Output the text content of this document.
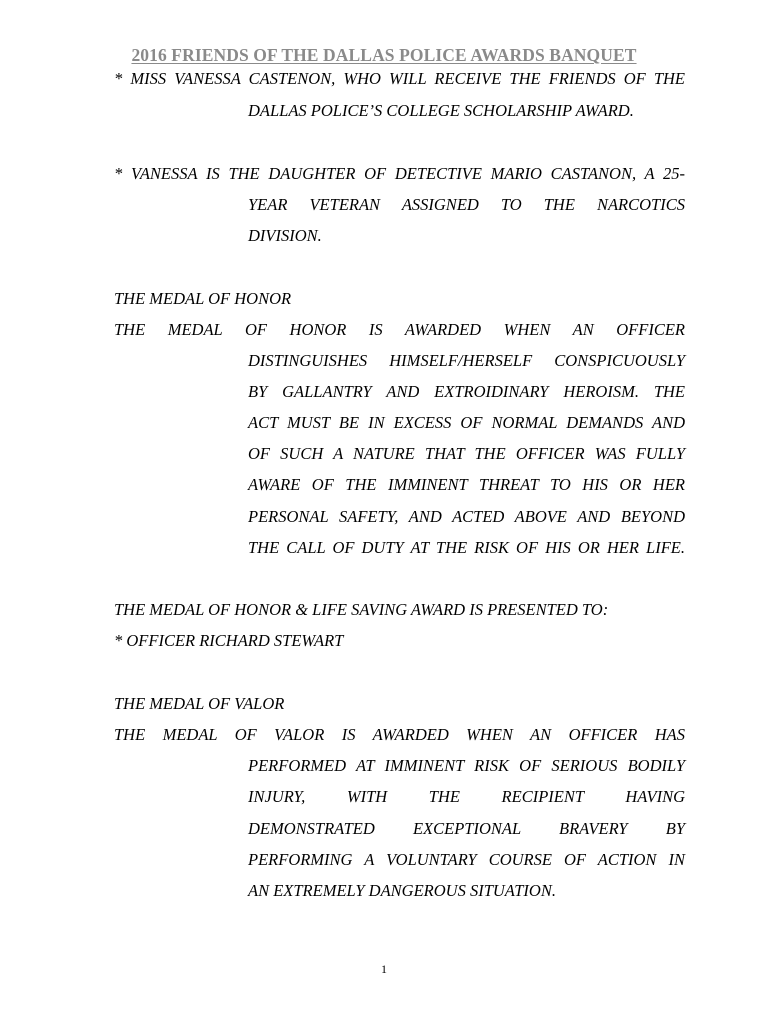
2016 FRIENDS OF THE DALLAS POLICE AWARDS BANQUET
* MISS VANESSA CASTENON, WHO WILL RECEIVE THE FRIENDS OF THE
DALLAS POLICE’S COLLEGE SCHOLARSHIP AWARD.
* VANESSA IS THE DAUGHTER OF DETECTIVE MARIO CASTANON, A 25-
YEAR VETERAN ASSIGNED TO THE NARCOTICS
DIVISION.
THE MEDAL OF HONOR
THE MEDAL OF HONOR IS AWARDED WHEN AN OFFICER
DISTINGUISHES HIMSELF/HERSELF CONSPICUOUSLY
BY GALLANTRY AND EXTROIDINARY HEROISM. THE
ACT MUST BE IN EXCESS OF NORMAL DEMANDS AND
OF SUCH A NATURE THAT THE OFFICER WAS FULLY
AWARE OF THE IMMINENT THREAT TO HIS OR HER
PERSONAL SAFETY, AND ACTED ABOVE AND BEYOND
THE CALL OF DUTY AT THE RISK OF HIS OR HER LIFE.
THE MEDAL OF HONOR & LIFE SAVING AWARD IS PRESENTED TO:
* OFFICER RICHARD STEWART
THE MEDAL OF VALOR
THE MEDAL OF VALOR IS AWARDED WHEN AN OFFICER HAS
PERFORMED AT IMMINENT RISK OF SERIOUS BODILY
INJURY, WITH THE RECIPIENT HAVING
DEMONSTRATED EXCEPTIONAL BRAVERY BY
PERFORMING A VOLUNTARY COURSE OF ACTION IN
AN EXTREMELY DANGEROUS SITUATION.
1
